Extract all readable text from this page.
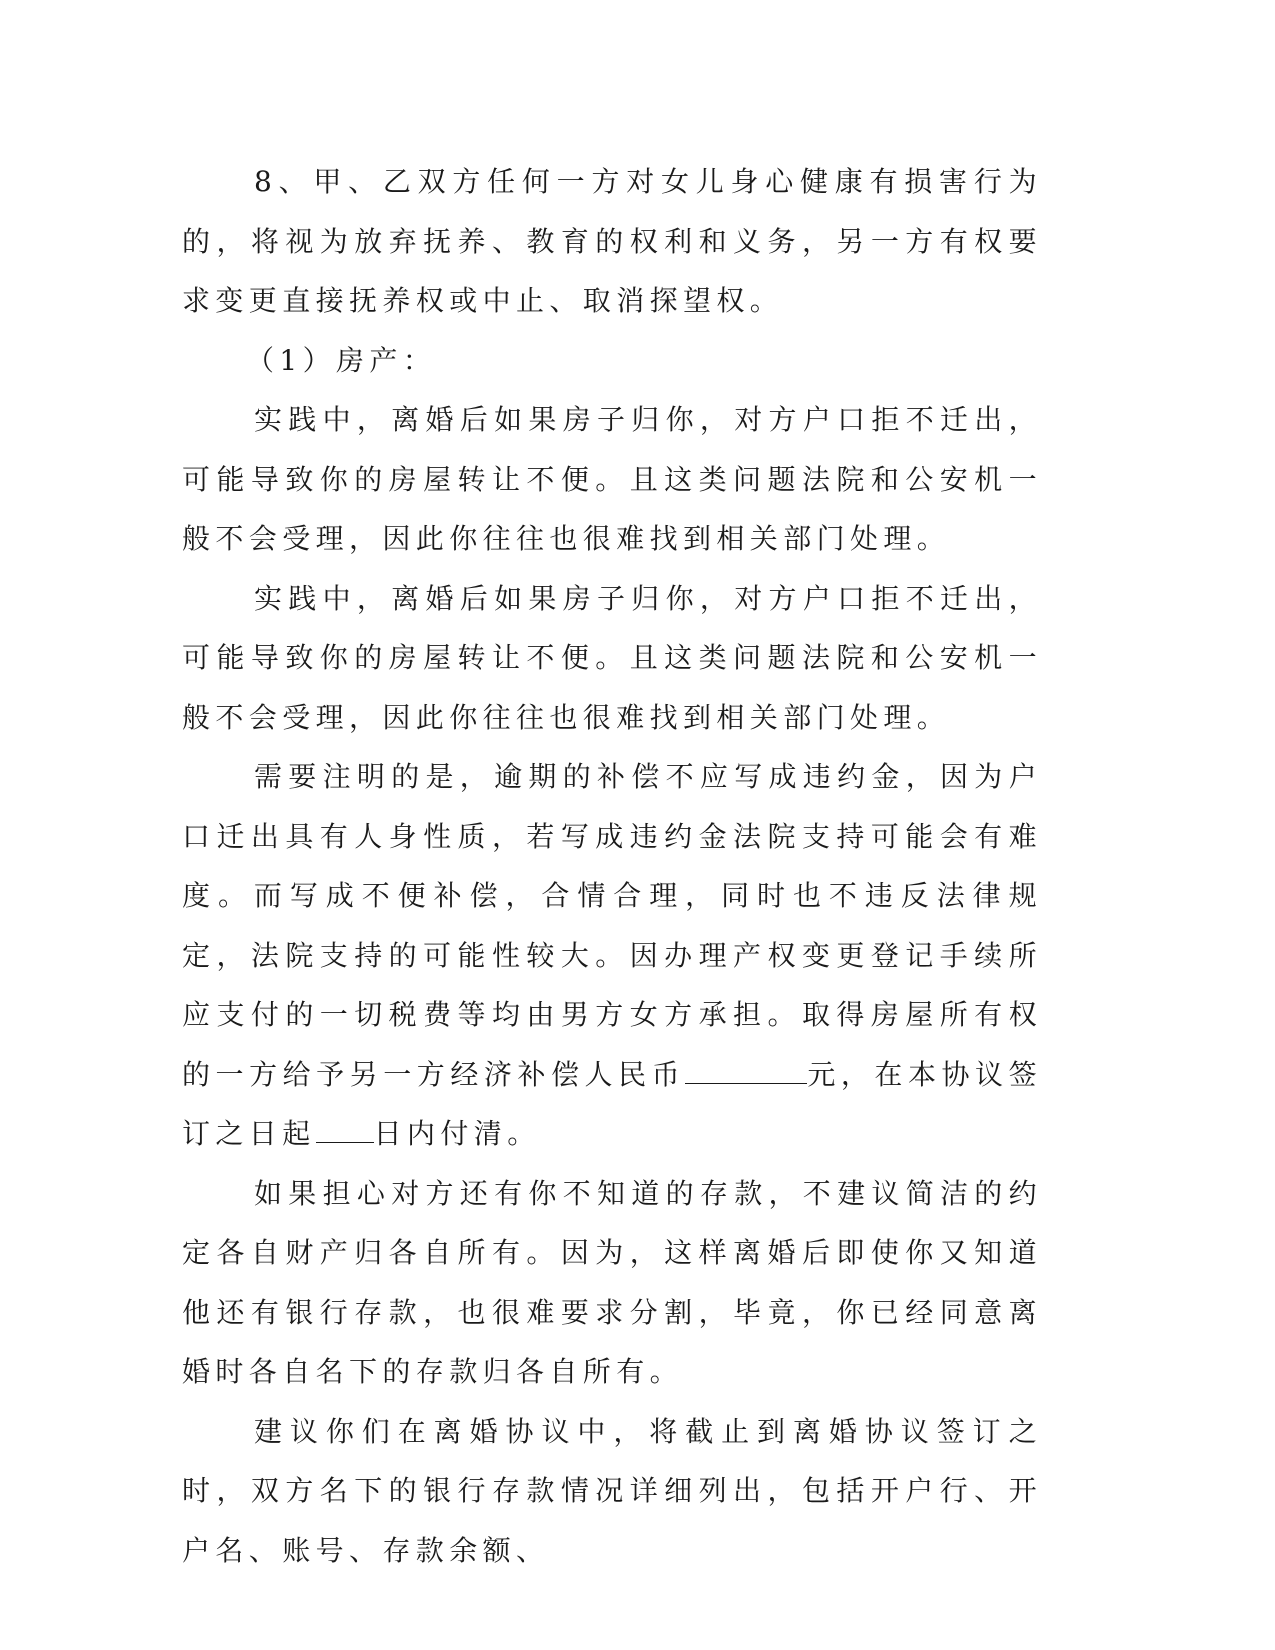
8、甲、乙双方任何一方对女儿身心健康有损害行为的，将视为放弃抚养、教育的权利和义务，另一方有权要求变更直接抚养权或中止、取消探望权。

（1）房产：

实践中，离婚后如果房子归你，对方户口拒不迁出，可能导致你的房屋转让不便。且这类问题法院和公安机一般不会受理，因此你往往也很难找到相关部门处理。

实践中，离婚后如果房子归你，对方户口拒不迁出，可能导致你的房屋转让不便。且这类问题法院和公安机一般不会受理，因此你往往也很难找到相关部门处理。

需要注明的是，逾期的补偿不应写成违约金，因为户口迁出具有人身性质，若写成违约金法院支持可能会有难度。而写成不便补偿，合情合理，同时也不违反法律规定，法院支持的可能性较大。因办理产权变更登记手续所应支付的一切税费等均由男方女方承担。取得房屋所有权的一方给予另一方经济补偿人民币	元，在本协议签订之日起 日内付清。

如果担心对方还有你不知道的存款，不建议简洁的约定各自财产归各自所有。因为，这样离婚后即使你又知道他还有银行存款，也很难要求分割，毕竟，你已经同意离婚时各自名下的存款归各自所有。

建议你们在离婚协议中，将截止到离婚协议签订之时，双方名下的银行存款情况详细列出，包括开户行、开户名、账号、存款余额、
